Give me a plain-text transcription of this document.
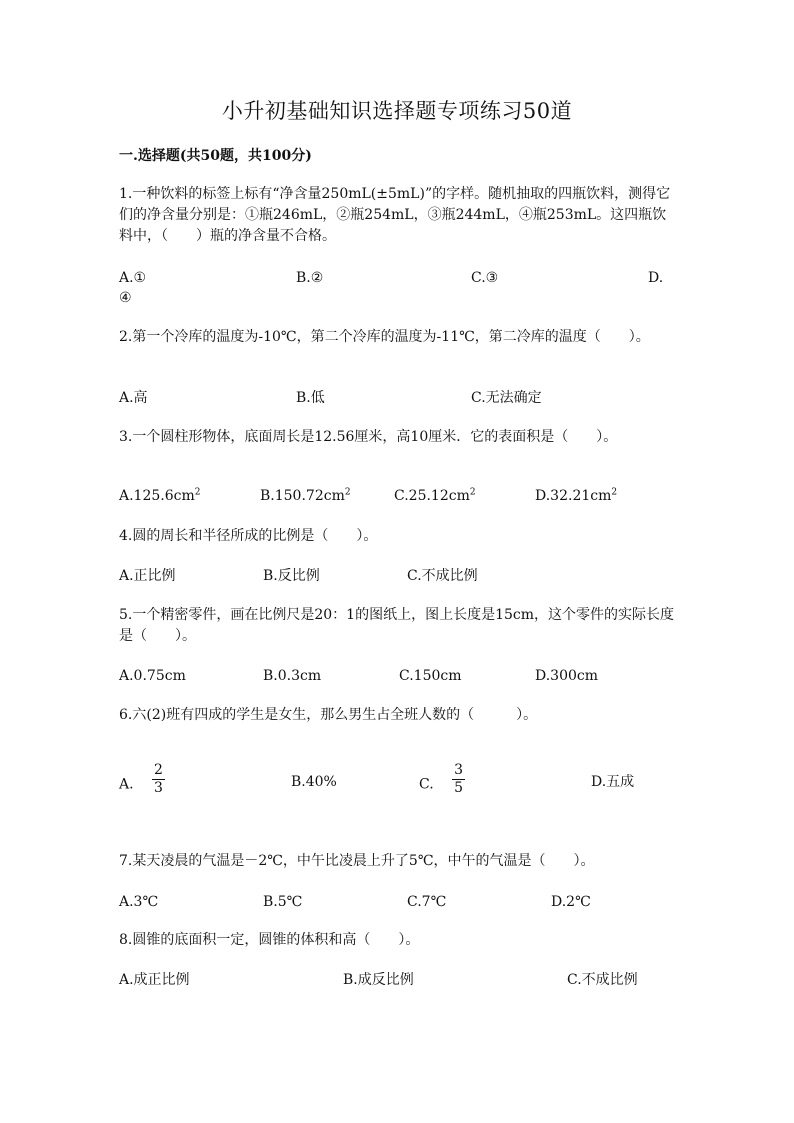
小升初基础知识选择题专项练习50道
一.选择题(共50题，共100分)

1.一种饮料的标签上标有“净含量250mL(±5mL)”的字样。随机抽取的四瓶饮料，测得它们的净含量分别是：①瓶246mL，②瓶254mL，③瓶244mL，④瓶253mL。这四瓶饮料中，（　　）瓶的净含量不合格。

A.①	B.②	C.③	D.
④

2.第一个冷库的温度为-10℃，第二个冷库的温度为-11℃，第二冷库的温度（　　）。

A.高	B.低	C.无法确定

3.一个圆柱形物体，底面周长是12.56厘米，高10厘米．它的表面积是（　　）。

$A.125.6cm^2$	$B.150.72cm^2$	$C.25.12cm^2$	$D.32.21cm^2$

4.圆的周长和半径所成的比例是（　　）。

A.正比例	B.反比例	C.不成比例

5.一个精密零件，画在比例尺是20：1的图纸上，图上长度是15cm，这个零件的实际长度是（　　）。

A.0.75cm	B.0.3cm	C.150cm	D.300cm

6.六(2)班有四成的学生是女生，那么男生占全班人数的（　　　）。

A. $\frac{2}{3}$	B.40%	C. $\frac{3}{5}$	D.五成

7.某天凌晨的气温是－2℃，中午比凌晨上升了5℃，中午的气温是（　　）。

A.3℃	B.5℃	C.7℃	D.2℃

8.圆锥的底面积一定，圆锥的体积和高（　　）。

A.成正比例	B.成反比例	C.不成比例
